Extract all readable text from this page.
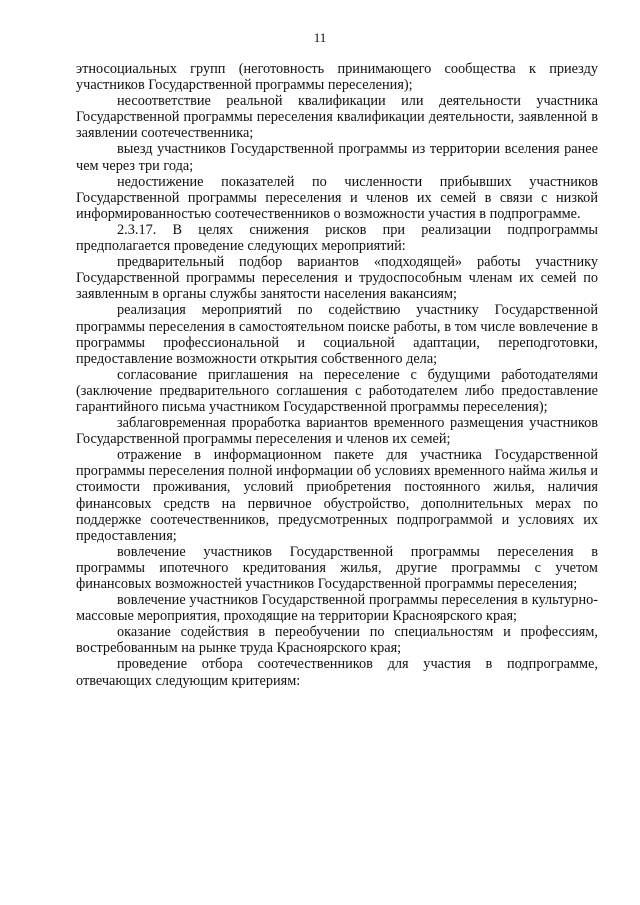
11

этносоциальных групп (неготовность принимающего сообщества к приезду участников Государственной программы переселения);

несоответствие реальной квалификации или деятельности участника Государственной программы переселения квалификации деятельности, заявленной в заявлении соотечественника;

выезд участников Государственной программы из территории вселения ранее чем через три года;

недостижение показателей по численности прибывших участников Государственной программы переселения и членов их семей в связи с низкой информированностью соотечественников о возможности участия в подпрограмме.

2.3.17. В целях снижения рисков при реализации подпрограммы предполагается проведение следующих мероприятий:

предварительный подбор вариантов «подходящей» работы участнику Государственной программы переселения и трудоспособным членам их семей по заявленным в органы службы занятости населения вакансиям;

реализация мероприятий по содействию участнику Государственной программы переселения в самостоятельном поиске работы, в том числе вовлечение в программы профессиональной и социальной адаптации, переподготовки, предоставление возможности открытия собственного дела;

согласование приглашения на переселение с будущими работодателями (заключение предварительного соглашения с работодателем либо предоставление гарантийного письма участником Государственной программы переселения);

заблаговременная проработка вариантов временного размещения участников Государственной программы переселения и членов их семей;

отражение в информационном пакете для участника Государственной программы переселения полной информации об условиях временного найма жилья и стоимости проживания, условий приобретения постоянного жилья, наличия финансовых средств на первичное обустройство, дополнительных мерах по поддержке соотечественников, предусмотренных подпрограммой и условиях их предоставления;

вовлечение участников Государственной программы переселения в программы ипотечного кредитования жилья, другие программы с учетом финансовых возможностей участников Государственной программы переселения;

вовлечение участников Государственной программы переселения в культурно-массовые мероприятия, проходящие на территории Красноярского края;

оказание содействия в переобучении по специальностям и профессиям, востребованным на рынке труда Красноярского края;

проведение отбора соотечественников для участия в подпрограмме, отвечающих следующим критериям:
